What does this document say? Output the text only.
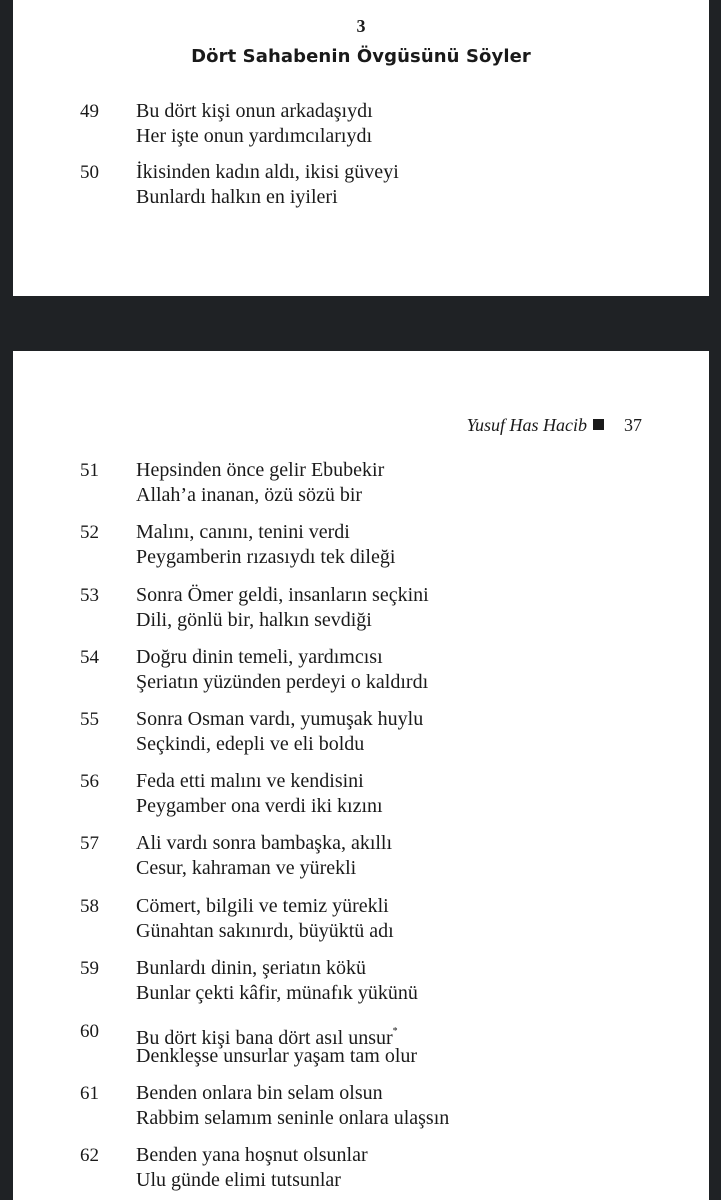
3
Dört Sahabenin Övgüsünü Söyler
49 Bu dört kişi onun arkadaşıydı
Her işte onun yardımcılarıydı
50 İkisinden kadın aldı, ikisi güveyi
Bunlardı halkın en iyileri
Yusuf Has Hacib 37
51 Hepsinden önce gelir Ebubekir
Allah’a inanan, özü sözü bir
52 Malını, canını, tenini verdi
Peygamberin rızasıydı tek dileği
53 Sonra Ömer geldi, insanların seçkini
Dili, gönlü bir, halkın sevdiği
54 Doğru dinin temeli, yardımcısı
Şeriatın yüzünden perdeyi o kaldırdı
55 Sonra Osman vardı, yumuşak huylu
Seçkindi, edepli ve eli boldu
56 Feda etti malını ve kendisini
Peygamber ona verdi iki kızını
57 Ali vardı sonra bambaşka, akıllı
Cesur, kahraman ve yürekli
58 Cömert, bilgili ve temiz yürekli
Günahtan sakınırdı, büyüktü adı
59 Bunlardı dinin, şeriatın kökü
Bunlar çekti kâfir, münafık yükünü
60 Bu dört kişi bana dört asıl unsur*
Denkleşse unsurlar yaşam tam olur
61 Benden onlara bin selam olsun
Rabbim selamım seninle onlara ulaşsın
62 Benden yana hoşnut olsunlar
Ulu günde elimi tutsunlar
